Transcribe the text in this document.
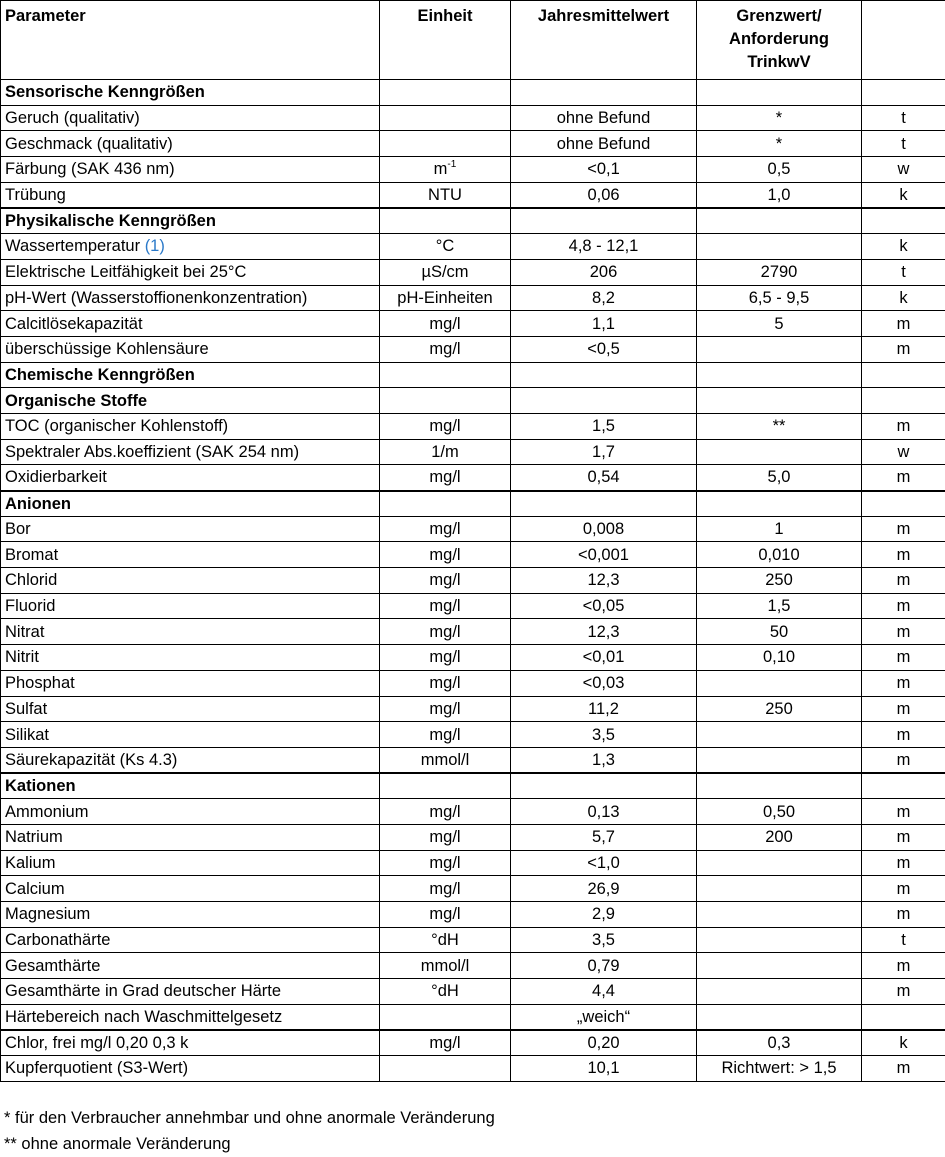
Parameter	Einheit	Jahresmittelwert	Grenzwert/ Anforderung TrinkwV	
Sensorische Kenngrößen				
Geruch (qualitativ)		ohne Befund	*	t
Geschmack (qualitativ)		ohne Befund	*	t
Färbung (SAK 436 nm)	$m^{-1}$	<0,1	0,5	w
Trübung	NTU	0,06	1,0	k
Physikalische Kenngrößen				
Wassertemperatur (1)	°C	4,8 - 12,1		k
Elektrische Leitfähigkeit bei 25°C	µS/cm	206	2790	t
pH-Wert (Wasserstoffionenkonzentration)	pH-Einheiten	8,2	6,5 - 9,5	k
Calcitlösekapazität	mg/l	1,1	5	m
überschüssige Kohlensäure	mg/l	<0,5		m
Chemische Kenngrößen				
Organische Stoffe				
TOC (organischer Kohlenstoff)	mg/l	1,5	**	m
Spektraler Abs.koeffizient (SAK 254 nm)	1/m	1,7		w
Oxidierbarkeit	mg/l	0,54	5,0	m
Anionen				
Bor	mg/l	0,008	1	m
Bromat	mg/l	<0,001	0,010	m
Chlorid	mg/l	12,3	250	m
Fluorid	mg/l	<0,05	1,5	m
Nitrat	mg/l	12,3	50	m
Nitrit	mg/l	<0,01	0,10	m
Phosphat	mg/l	<0,03		m
Sulfat	mg/l	11,2	250	m
Silikat	mg/l	3,5		m
Säurekapazität (Ks 4.3)	mmol/l	1,3		m
Kationen				
Ammonium	mg/l	0,13	0,50	m
Natrium	mg/l	5,7	200	m
Kalium	mg/l	<1,0		m
Calcium	mg/l	26,9		m
Magnesium	mg/l	2,9		m
Carbonathärte	°dH	3,5		t
Gesamthärte	mmol/l	0,79		m
Gesamthärte in Grad deutscher Härte	°dH	4,4		m
Härtebereich nach Waschmittelgesetz		„weich“		
Chlor, frei mg/l 0,20 0,3 k	mg/l	0,20	0,3	k
Kupferquotient (S3-Wert)		10,1	Richtwert: > 1,5	m
* für den Verbraucher annehmbar und ohne anormale Veränderung
** ohne anormale Veränderung
